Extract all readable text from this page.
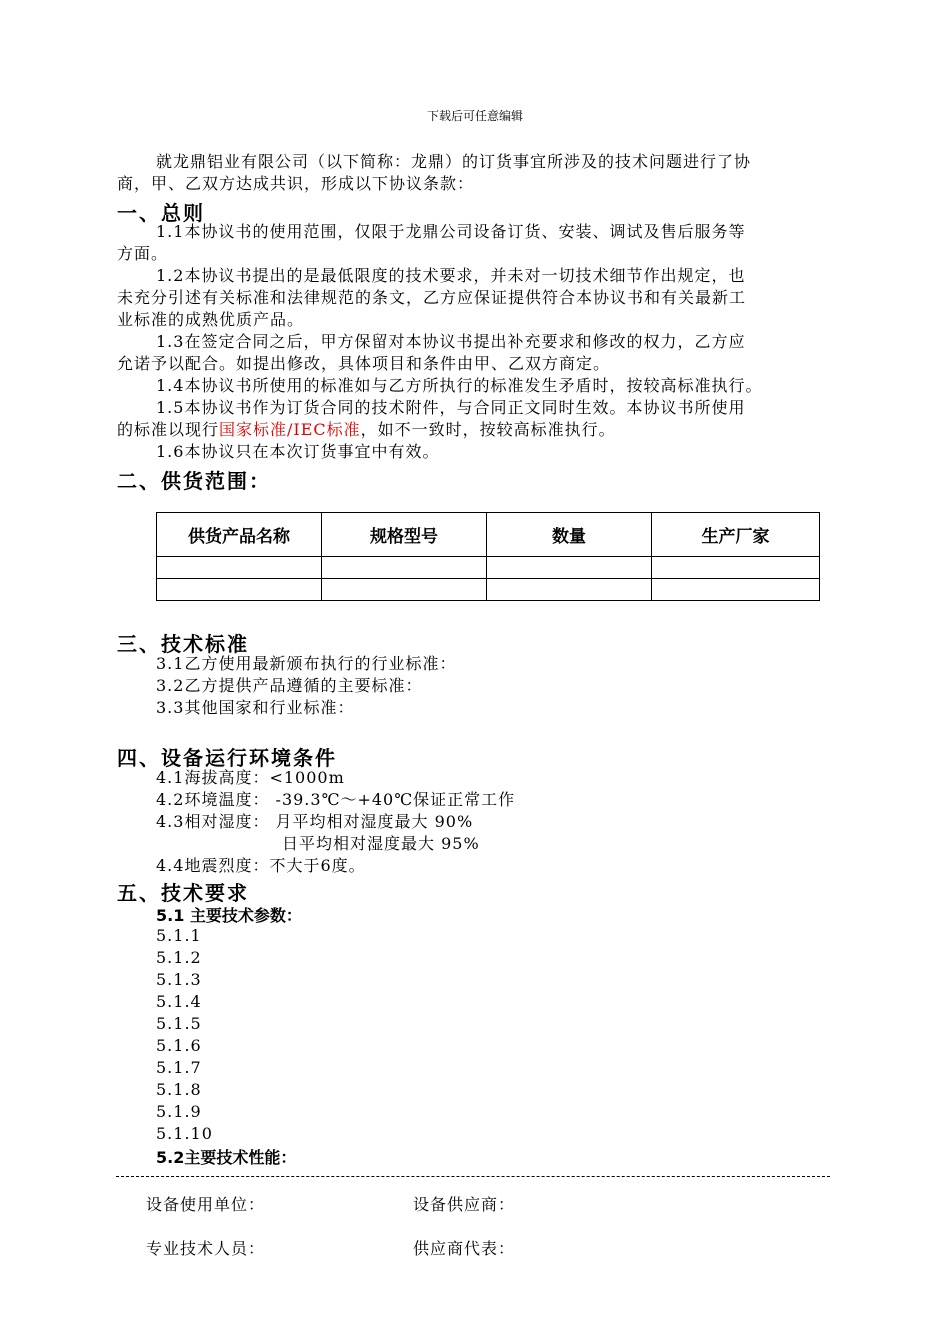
下载后可任意编辑
就龙鼎铝业有限公司（以下简称：龙鼎）的订货事宜所涉及的技术问题进行了协
商，甲、乙双方达成共识，形成以下协议条款：
一、总则
1.1本协议书的使用范围，仅限于龙鼎公司设备订货、安装、调试及售后服务等
方面。
1.2本协议书提出的是最低限度的技术要求，并未对一切技术细节作出规定，也
未充分引述有关标准和法律规范的条文，乙方应保证提供符合本协议书和有关最新工
业标准的成熟优质产品。
1.3在签定合同之后，甲方保留对本协议书提出补充要求和修改的权力，乙方应
允诺予以配合。如提出修改，具体项目和条件由甲、乙双方商定。
1.4本协议书所使用的标准如与乙方所执行的标准发生矛盾时，按较高标准执行。
1.5本协议书作为订货合同的技术附件，与合同正文同时生效。本协议书所使用
的标准以现行国家标准/IEC标准，如不一致时，按较高标准执行。
1.6本协议只在本次订货事宜中有效。
二、供货范围：
供货产品名称	规格型号	数量	生产厂家

三、技术标准
3.1乙方使用最新颁布执行的行业标准：
3.2乙方提供产品遵循的主要标准：
3.3其他国家和行业标准：
四、设备运行环境条件
4.1海拔高度：<1000m
4.2环境温度： -39.3℃～+40℃保证正常工作
4.3相对湿度： 月平均相对湿度最大 90%
日平均相对湿度最大 95%
4.4地震烈度：不大于6度。
五、技术要求
5.1 主要技术参数：
5.1.1
5.1.2
5.1.3
5.1.4
5.1.5
5.1.6
5.1.7
5.1.8
5.1.9
5.1.10
5.2主要技术性能：
设备使用单位：	设备供应商：
专业技术人员：	供应商代表：
